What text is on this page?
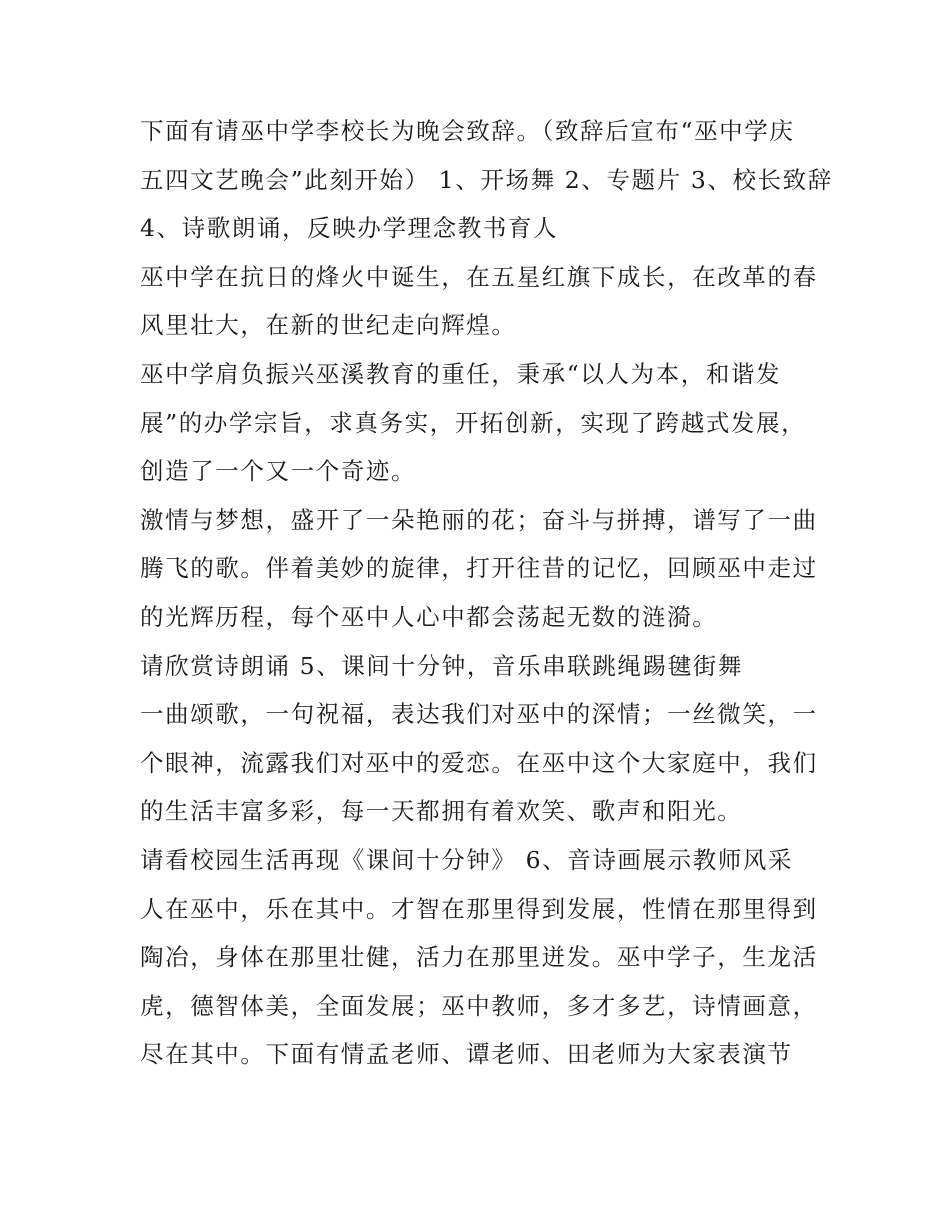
下面有请巫中学李校长为晚会致辞。（致辞后宣布“巫中学庆
五四文艺晚会”此刻开始） 1、开场舞 2、专题片 3、校长致辞
4、诗歌朗诵，反映办学理念教书育人
巫中学在抗日的烽火中诞生，在五星红旗下成长，在改革的春
风里壮大，在新的世纪走向辉煌。
巫中学肩负振兴巫溪教育的重任，秉承“以人为本，和谐发
展”的办学宗旨，求真务实，开拓创新，实现了跨越式发展，
创造了一个又一个奇迹。
激情与梦想，盛开了一朵艳丽的花；奋斗与拼搏，谱写了一曲
腾飞的歌。伴着美妙的旋律，打开往昔的记忆，回顾巫中走过
的光辉历程，每个巫中人心中都会荡起无数的涟漪。
请欣赏诗朗诵 5、课间十分钟，音乐串联跳绳踢毽街舞
一曲颂歌，一句祝福，表达我们对巫中的深情；一丝微笑，一
个眼神，流露我们对巫中的爱恋。在巫中这个大家庭中，我们
的生活丰富多彩，每一天都拥有着欢笑、歌声和阳光。
请看校园生活再现《课间十分钟》 6、音诗画展示教师风采
人在巫中，乐在其中。才智在那里得到发展，性情在那里得到
陶冶，身体在那里壮健，活力在那里迸发。巫中学子，生龙活
虎，德智体美，全面发展；巫中教师，多才多艺，诗情画意，
尽在其中。下面有情孟老师、谭老师、田老师为大家表演节
